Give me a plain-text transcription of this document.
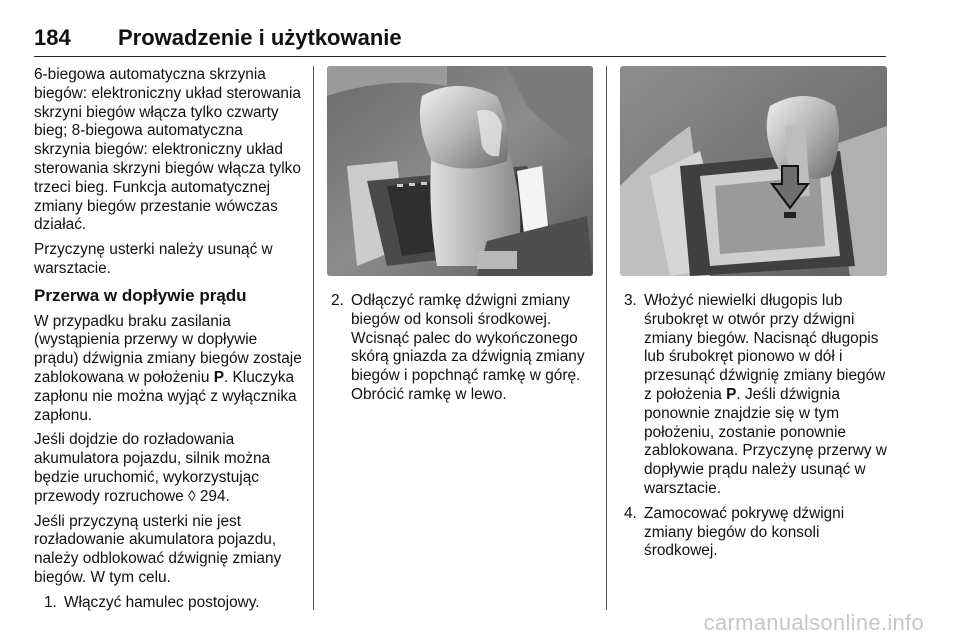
184 Prowadzenie i użytkowanie

6-biegowa automatyczna skrzynia biegów: elektroniczny układ sterowania skrzyni biegów włącza tylko czwarty bieg; 8-biegowa automatyczna skrzynia biegów: elektroniczny układ sterowania skrzyni biegów włącza tylko trzeci bieg. Funkcja automatycznej zmiany biegów przestanie wówczas działać.

Przyczynę usterki należy usunąć w warsztacie.

Przerwa w dopływie prądu

W przypadku braku zasilania (wystąpienia przerwy w dopływie prądu) dźwignia zmiany biegów zostaje zablokowana w położeniu P. Kluczyka zapłonu nie można wyjąć z wyłącznika zapłonu.

Jeśli dojdzie do rozładowania akumulatora pojazdu, silnik można będzie uruchomić, wykorzystując przewody rozruchowe ◊ 294.

Jeśli przyczyną usterki nie jest rozładowanie akumulatora pojazdu, należy odblokować dźwignię zmiany biegów. W tym celu.

1. Włączyć hamulec postojowy.
2. Odłączyć ramkę dźwigni zmiany biegów od konsoli środkowej. Wcisnąć palec do wykończonego skórą gniazda za dźwignią zmiany biegów i popchnąć ramkę w górę. Obrócić ramkę w lewo.
3. Włożyć niewielki długopis lub śrubokręt w otwór przy dźwigni zmiany biegów. Nacisnąć długopis lub śrubokręt pionowo w dół i przesunąć dźwignię zmiany biegów z położenia P. Jeśli dźwignia ponownie znajdzie się w tym położeniu, zostanie ponownie zablokowana. Przyczynę przerwy w dopływie prądu należy usunąć w warsztacie.
4. Zamocować pokrywę dźwigni zmiany biegów do konsoli środkowej.
carmanualsonline.info
